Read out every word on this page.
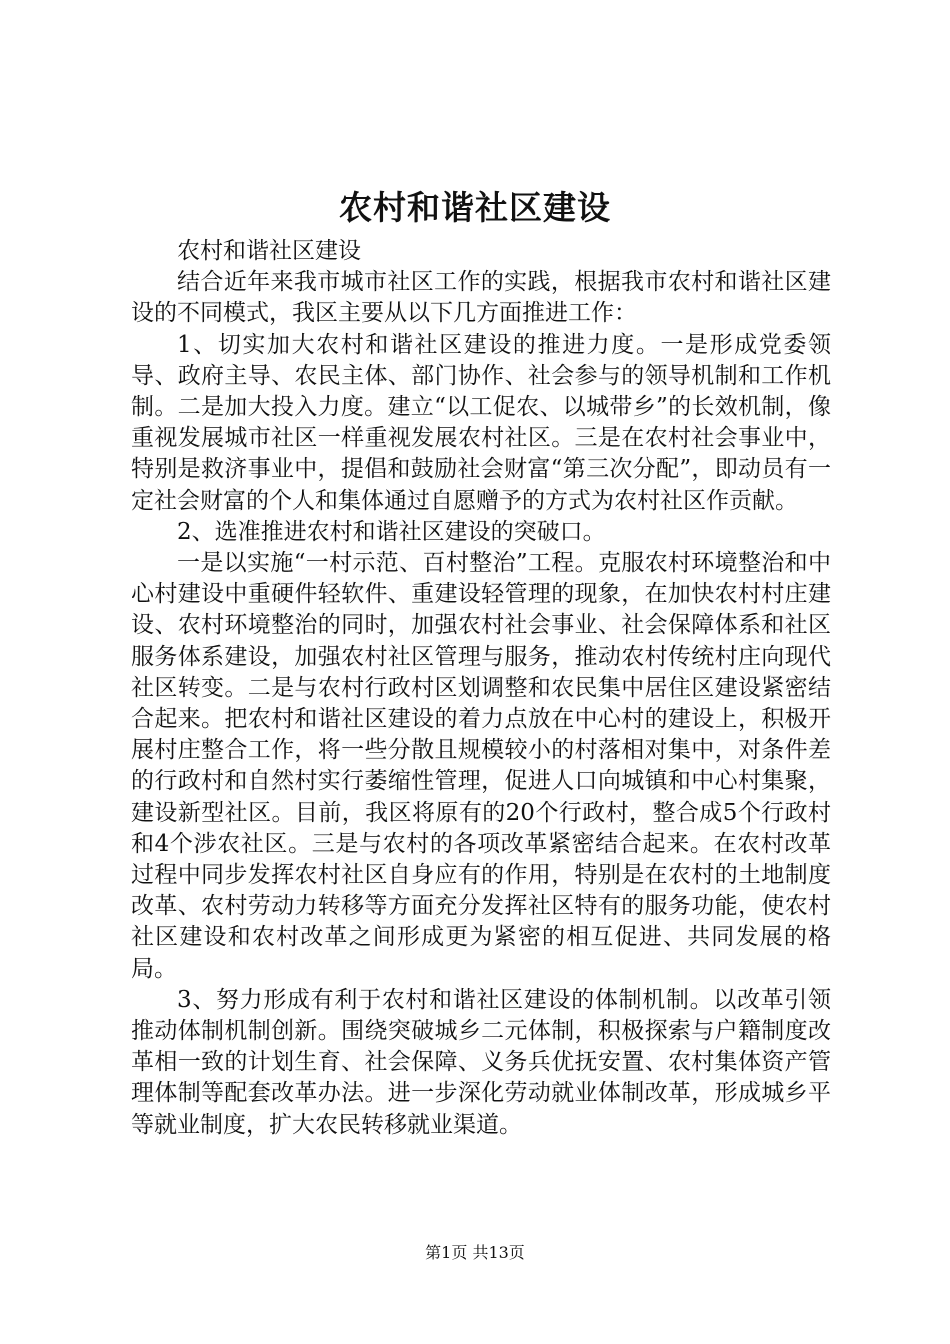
农村和谐社区建设

农村和谐社区建设

结合近年来我市城市社区工作的实践，根据我市农村和谐社区建设的不同模式，我区主要从以下几方面推进工作：

1、切实加大农村和谐社区建设的推进力度。一是形成党委领导、政府主导、农民主体、部门协作、社会参与的领导机制和工作机制。二是加大投入力度。建立“以工促农、以城带乡”的长效机制，像重视发展城市社区一样重视发展农村社区。三是在农村社会事业中，特别是救济事业中，提倡和鼓励社会财富“第三次分配”，即动员有一定社会财富的个人和集体通过自愿赠予的方式为农村社区作贡献。

2、选准推进农村和谐社区建设的突破口。

一是以实施“一村示范、百村整治”工程。克服农村环境整治和中心村建设中重硬件轻软件、重建设轻管理的现象，在加快农村村庄建设、农村环境整治的同时，加强农村社会事业、社会保障体系和社区服务体系建设，加强农村社区管理与服务，推动农村传统村庄向现代社区转变。二是与农村行政村区划调整和农民集中居住区建设紧密结合起来。把农村和谐社区建设的着力点放在中心村的建设上，积极开展村庄整合工作，将一些分散且规模较小的村落相对集中，对条件差的行政村和自然村实行萎缩性管理，促进人口向城镇和中心村集聚，建设新型社区。目前，我区将原有的20个行政村，整合成5个行政村和4个涉农社区。三是与农村的各项改革紧密结合起来。在农村改革过程中同步发挥农村社区自身应有的作用，特别是在农村的土地制度改革、农村劳动力转移等方面充分发挥社区特有的服务功能，使农村社区建设和农村改革之间形成更为紧密的相互促进、共同发展的格局。

3、努力形成有利于农村和谐社区建设的体制机制。以改革引领推动体制机制创新。围绕突破城乡二元体制，积极探索与户籍制度改革相一致的计划生育、社会保障、义务兵优抚安置、农村集体资产管理体制等配套改革办法。进一步深化劳动就业体制改革，形成城乡平等就业制度，扩大农民转移就业渠道。

第1页 共13页
